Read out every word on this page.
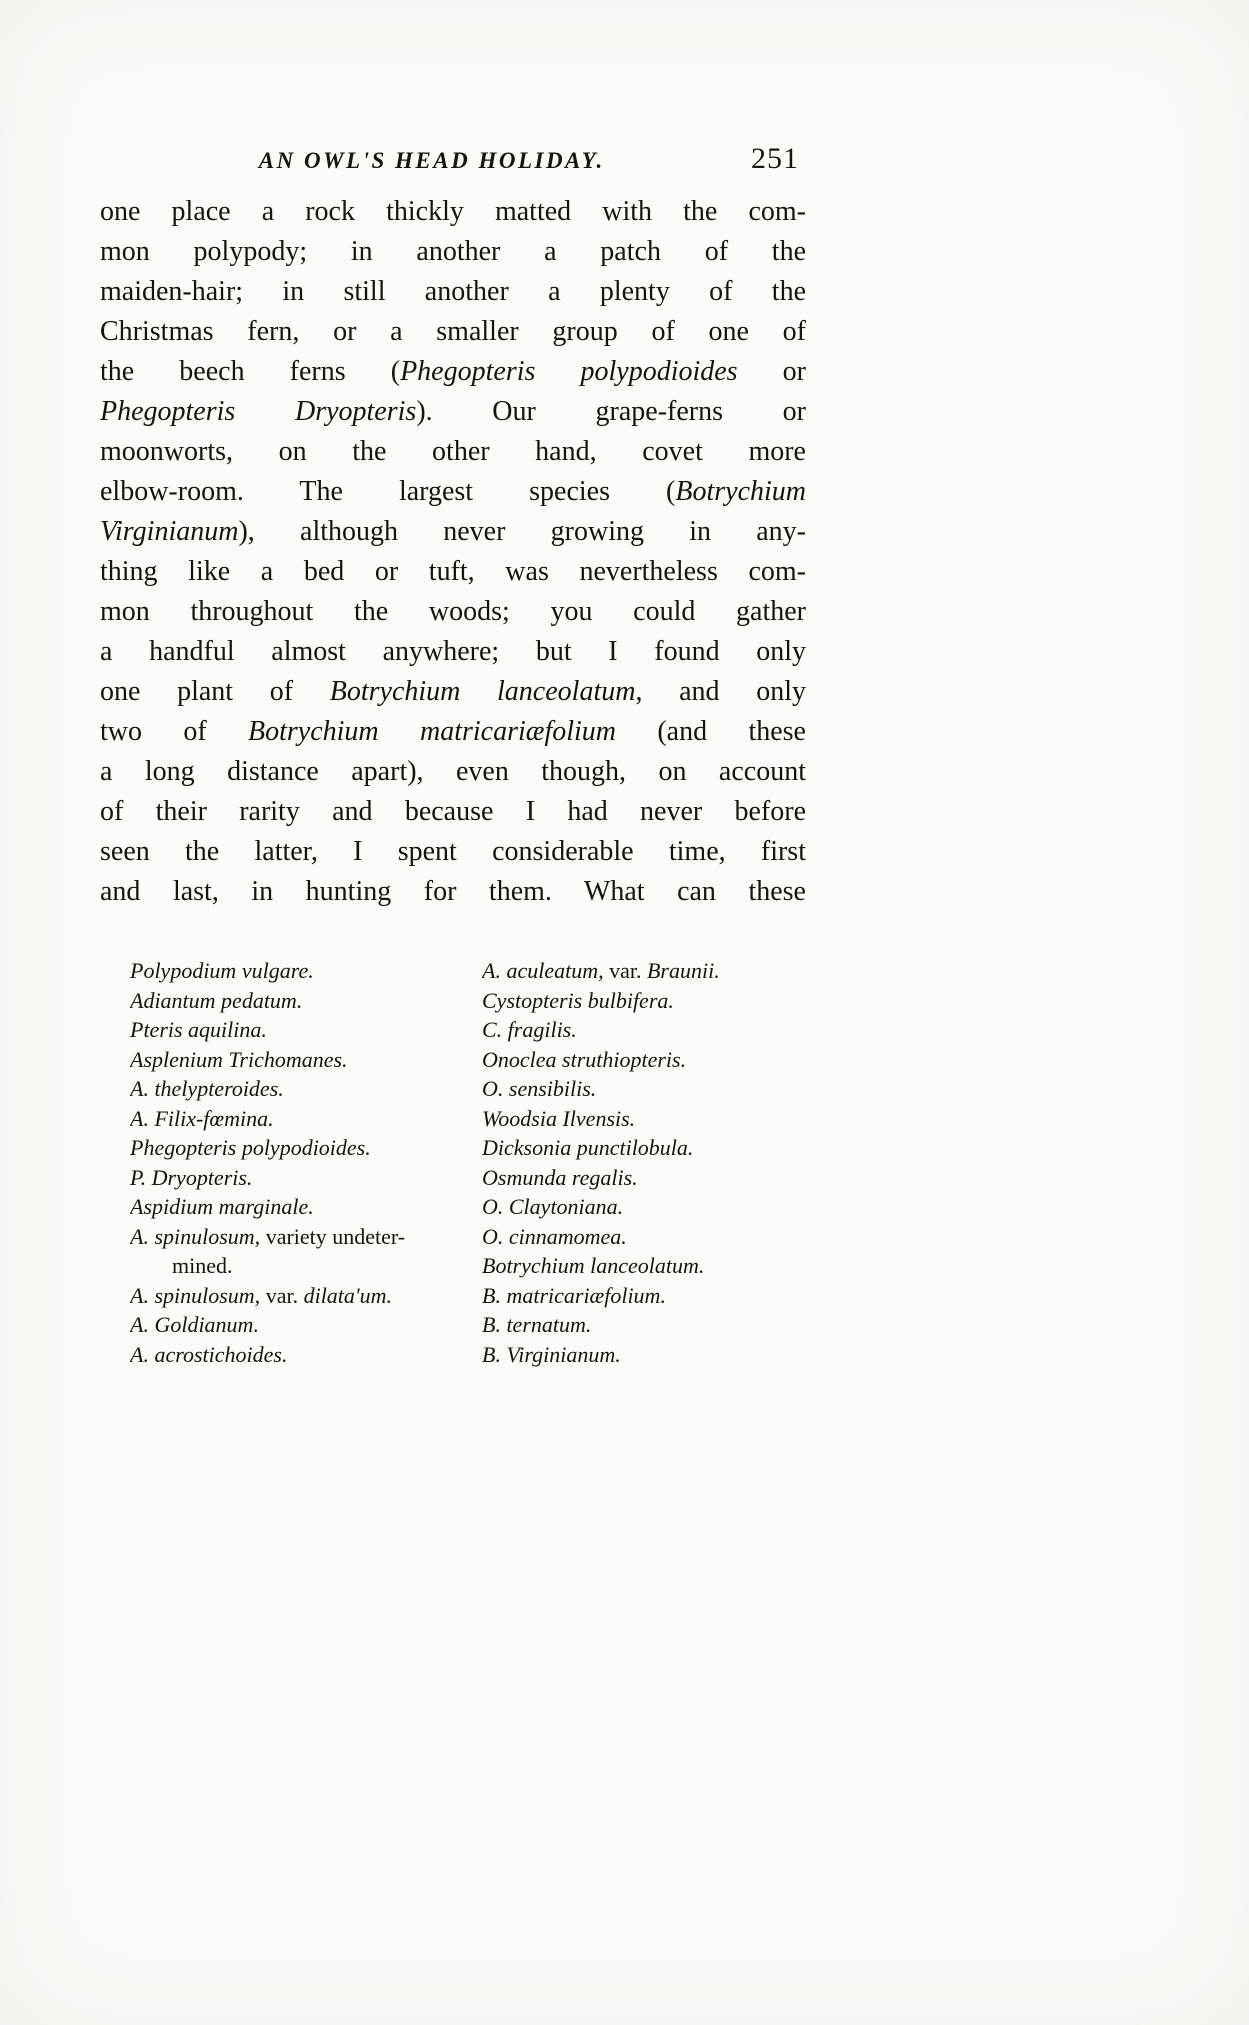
AN OWL'S HEAD HOLIDAY.	251
one place a rock thickly matted with the com-
mon polypody; in another a patch of the
maiden-hair; in still another a plenty of the
Christmas fern, or a smaller group of one of
the beech ferns (Phegopteris polypodioides or
Phegopteris Dryopteris). Our grape-ferns or
moonworts, on the other hand, covet more
elbow-room. The largest species (Botrychium
Virginianum), although never growing in any-
thing like a bed or tuft, was nevertheless com-
mon throughout the woods; you could gather
a handful almost anywhere; but I found only
one plant of Botrychium lanceolatum, and only
two of Botrychium matricariæfolium (and these
a long distance apart), even though, on account
of their rarity and because I had never before
seen the latter, I spent considerable time, first
and last, in hunting for them. What can these
Polypodium vulgare.
Adiantum pedatum.
Pteris aquilina.
Asplenium Trichomanes.
A. thelypteroides.
A. Filix-fœmina.
Phegopteris polypodioides.
P. Dryopteris.
Aspidium marginale.
A. spinulosum, variety undeter-
mined.
A. spinulosum, var. dilata'um.
A. Goldianum.
A. acrostichoides.
A. aculeatum, var. Braunii.
Cystopteris bulbifera.
C. fragilis.
Onoclea struthiopteris.
O. sensibilis.
Woodsia Ilvensis.
Dicksonia punctilobula.
Osmunda regalis.
O. Claytoniana.
O. cinnamomea.
Botrychium lanceolatum.
B. matricariæfolium.
B. ternatum.
B. Virginianum.
